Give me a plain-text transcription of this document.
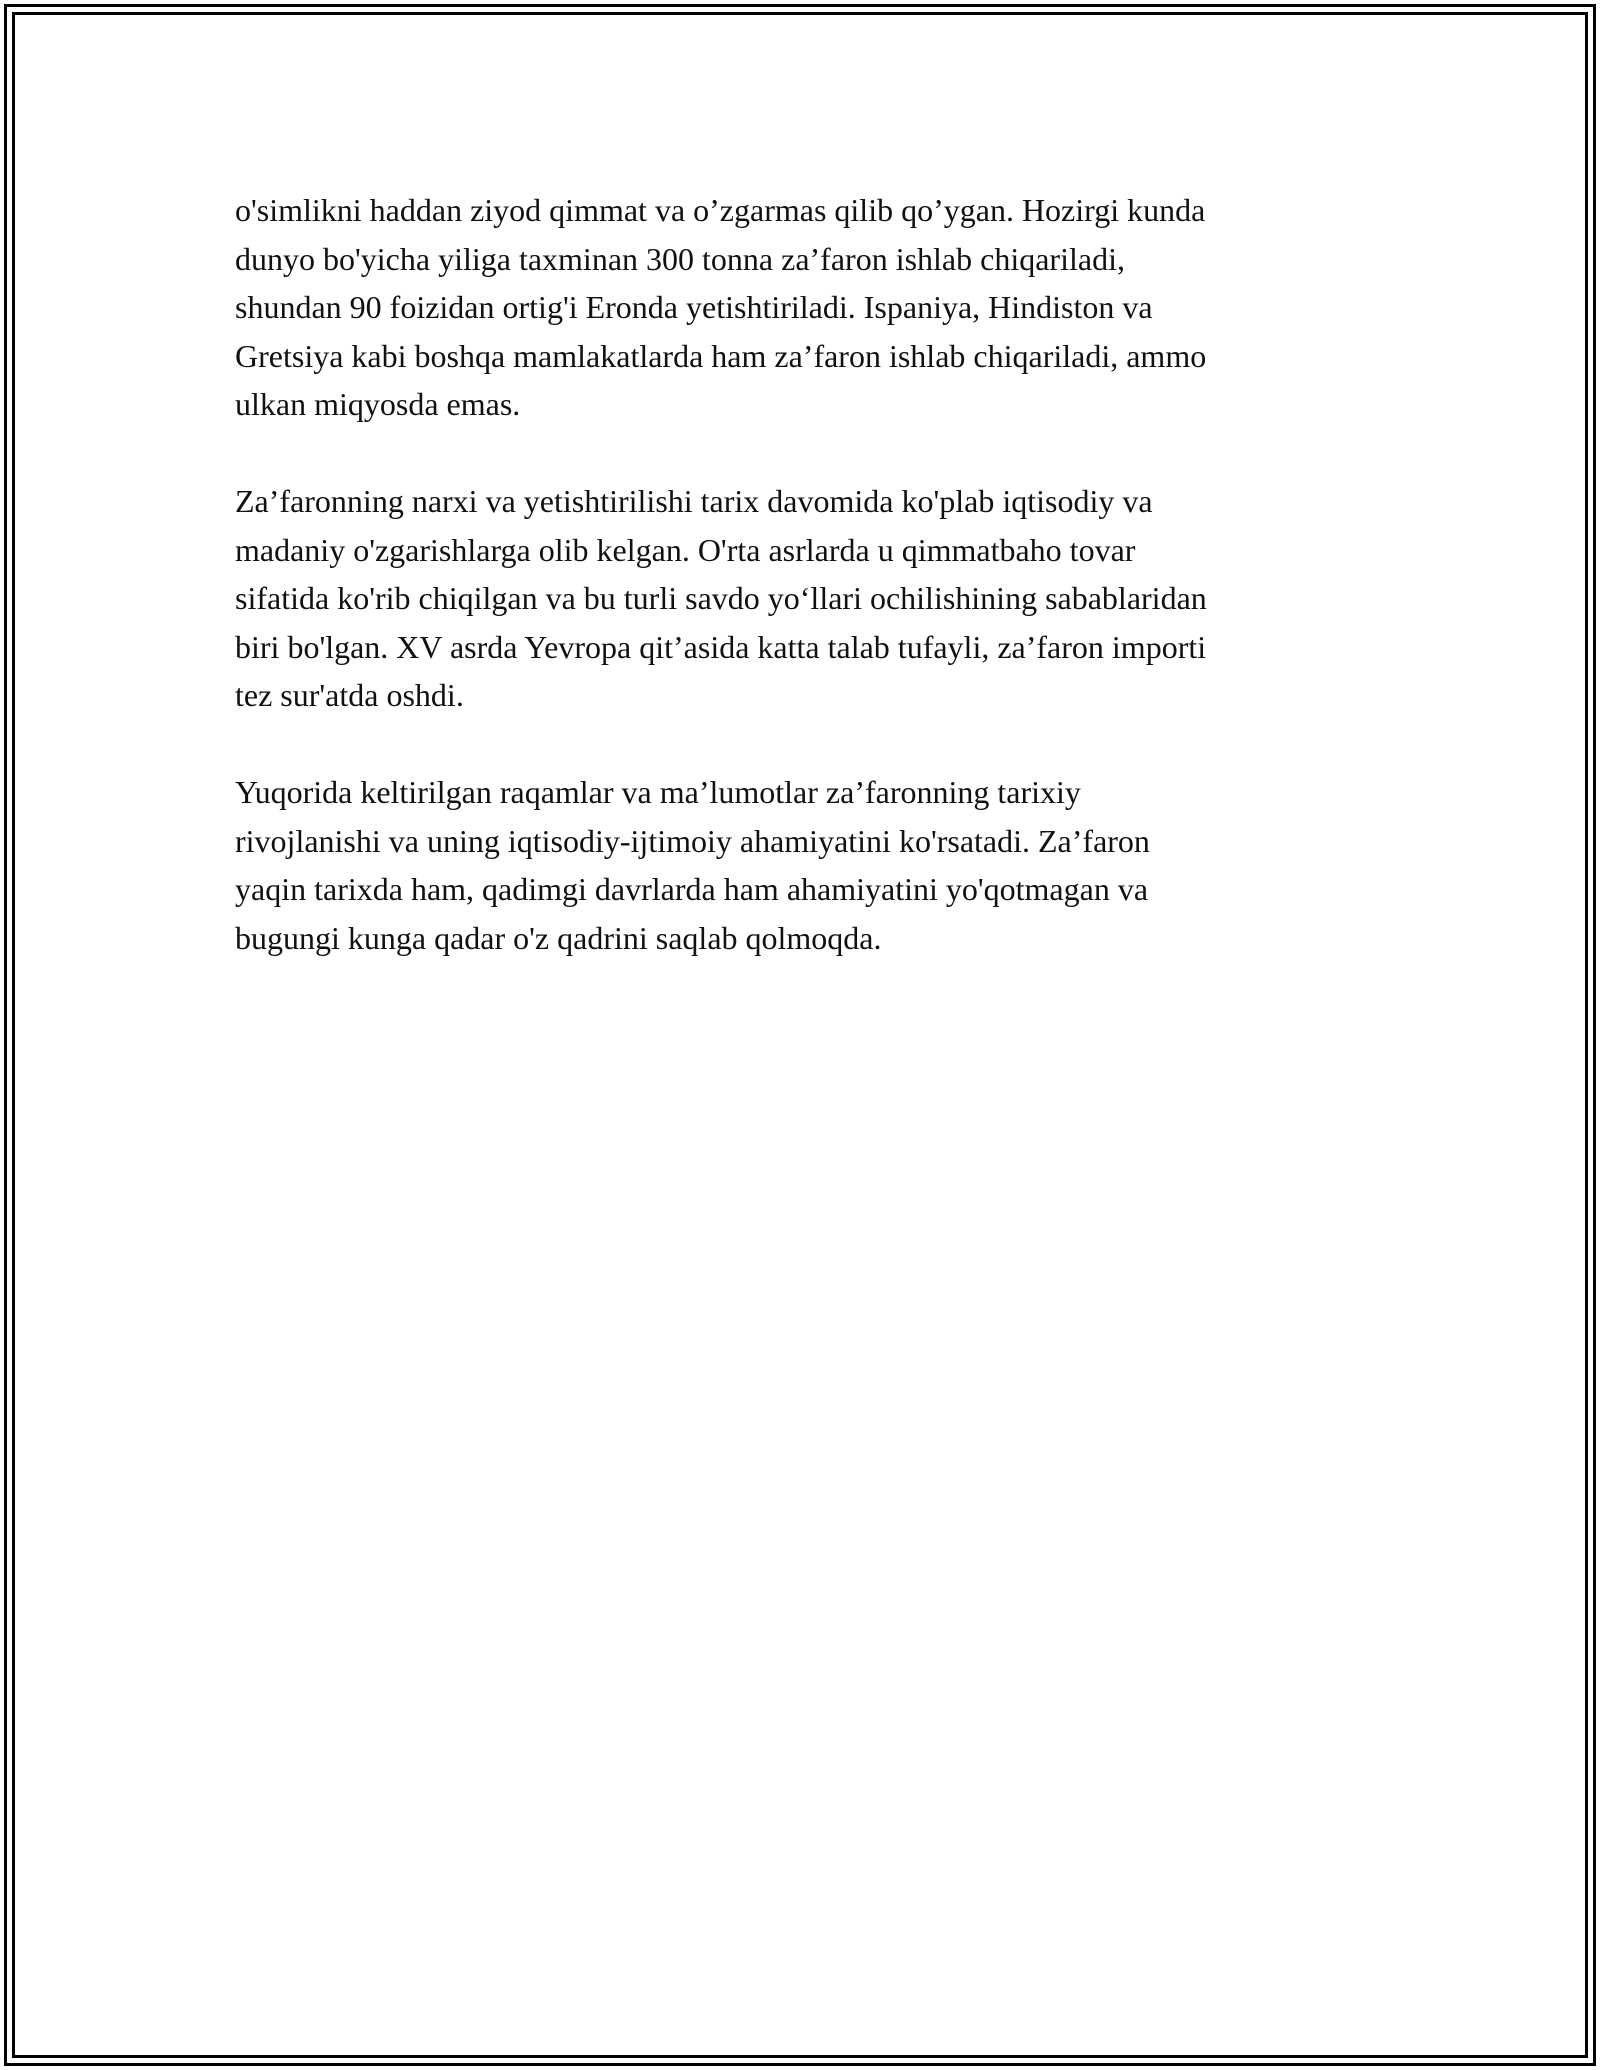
o'simlikni haddan ziyod qimmat va o’zgarmas qilib qo’ygan. Hozirgi kunda
dunyo bo'yicha yiliga taxminan 300 tonna za’faron ishlab chiqariladi,
shundan 90 foizidan ortig'i Eronda yetishtiriladi. Ispaniya, Hindiston va
Gretsiya kabi boshqa mamlakatlarda ham za’faron ishlab chiqariladi, ammo
ulkan miqyosda emas.

Za’faronning narxi va yetishtirilishi tarix davomida ko'plab iqtisodiy va
madaniy o'zgarishlarga olib kelgan. O'rta asrlarda u qimmatbaho tovar
sifatida ko'rib chiqilgan va bu turli savdo yo‘llari ochilishining sabablaridan
biri bo'lgan. XV asrda Yevropa qit’asida katta talab tufayli, za’faron importi
tez sur'atda oshdi.

Yuqorida keltirilgan raqamlar va ma’lumotlar za’faronning tarixiy
rivojlanishi va uning iqtisodiy-ijtimoiy ahamiyatini ko'rsatadi. Za’faron
yaqin tarixda ham, qadimgi davrlarda ham ahamiyatini yo'qotmagan va
bugungi kunga qadar o'z qadrini saqlab qolmoqda.
